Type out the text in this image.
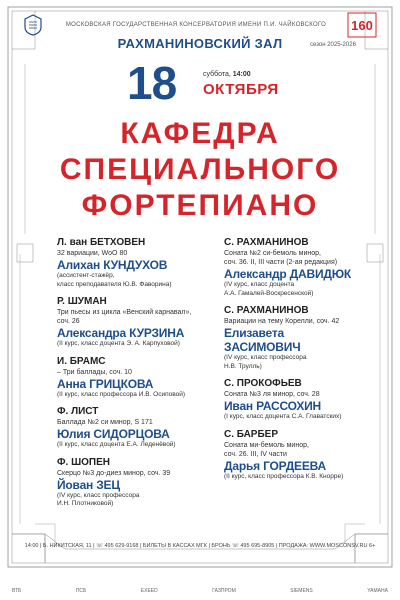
МОСКОВСКАЯ ГОСУДАРСТВЕННАЯ КОНСЕРВАТОРИЯ ИМЕНИ П.И. ЧАЙКОВСКОГО	160
РАХМАНИНОВСКИЙ ЗАЛ	сезон 2025-2026
18	суббота, 14:00
ОКТЯБРЯ
КАФЕДРА
СПЕЦИАЛЬНОГО
ФОРТЕПИАНО
Л. ван БЕТХОВЕН
32 вариации, WoO 80
Алихан КУНДУХОВ
(ассистент-стажёр,
класс преподавателя Ю.В. Фаворина)
Р. ШУМАН
Три пьесы из цикла «Венский карнавал»,
соч. 26
Александра КУРЗИНА
(II курс, класс доцента Э. А. Карпуховой)
И. БРАМС
– Три баллады, соч. 10
Анна ГРИЦКОВА
(II курс, класс профессора И.В. Осиповой)
Ф. ЛИСТ
Баллада №2 си минор, S 171
Юлия СИДОРЦОВА
(II курс, класс доцента Е.А. Леденёвой)
Ф. ШОПЕН
Скерцо №3 до-диез минор, соч. 39
Йован ЗЕЦ
(IV курс, класс профессора
И.Н. Плотниковой)
С. РАХМАНИНОВ
Соната №2 си-бемоль минор,
соч. 36. II, III части (2-ая редакция)
Александр ДАВИДЮК
(IV курс, класс доцента
А.А. Гамалей-Воскресенской)
С. РАХМАНИНОВ
Вариации на тему Корелли, соч. 42
Елизавета
ЗАСИМОВИЧ
(IV курс, класс профессора
Н.В. Трулль)
С. ПРОКОФЬЕВ
Соната №3 ля минор, соч. 28
Иван РАССОХИН
(I курс, класс доцента С.А. Главатских)
С. БАРБЕР
Соната ми-бемоль минор,
соч. 26. III, IV части
Дарья ГОРДЕЕВА
(II курс, класс профессора К.В. Кнорре)
14:00 | Б. НИКИТСКАЯ, 11 | ☏ 495 629-9168 | БИЛЕТЫ В КАССАХ МГК | БРОНЬ ☏ 495 695-8905 | ПРОДАЖА: WWW.MOSCONSV.RU 6+
ВТБ	ПСБ	EXEED	ГАЗПРОМ	SIEMENS	YAMAHA
